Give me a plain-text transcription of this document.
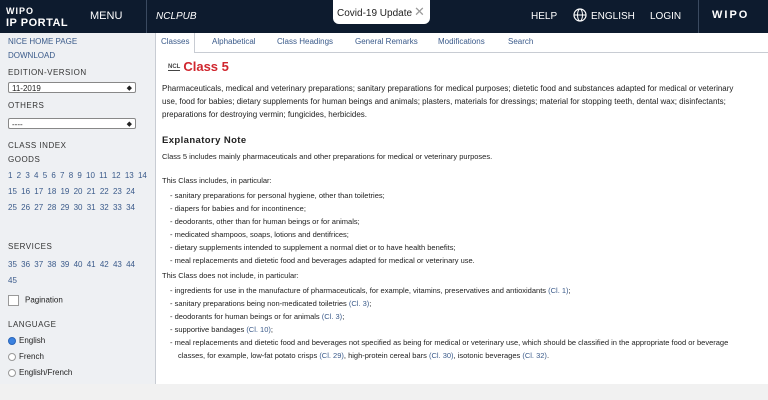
WIPO
IP PORTAL
MENU	NCLPUB	Covid-19 Update ✕	HELP	ENGLISH LOGIN	WIPO
NICE HOME PAGE
DOWNLOAD
EDITION-VERSION
11-2019	◆
OTHERS
----	◆
CLASS INDEX
GOODS
1 2 3 4 5 6 7 8 9 10 11 12 13 14 15 16 17 18 19 20 21 22 23 24 25 26 27 28 29 30 31 32 33 34
SERVICES
35 36 37 38 39 40 41 42 43 44 45
Pagination
LANGUAGE
English
French
English/French
Classes	Alphabetical	Class Headings	General Remarks	Modifications	Search
NCL Class 5
Pharmaceuticals, medical and veterinary preparations; sanitary preparations for medical purposes; dietetic food and substances adapted for medical or veterinary use, food for babies; dietary supplements for human beings and animals; plasters, materials for dressings; material for stopping teeth, dental wax; disinfectants; preparations for destroying vermin; fungicides, herbicides.
Explanatory Note
Class 5 includes mainly pharmaceuticals and other preparations for medical or veterinary purposes.
This Class includes, in particular:
- sanitary preparations for personal hygiene, other than toiletries;
- diapers for babies and for incontinence;
- deodorants, other than for human beings or for animals;
- medicated shampoos, soaps, lotions and dentifrices;
- dietary supplements intended to supplement a normal diet or to have health benefits;
- meal replacements and dietetic food and beverages adapted for medical or veterinary use.
This Class does not include, in particular:
- ingredients for use in the manufacture of pharmaceuticals, for example, vitamins, preservatives and antioxidants (Cl. 1);
- sanitary preparations being non-medicated toiletries (Cl. 3);
- deodorants for human beings or for animals (Cl. 3);
- supportive bandages (Cl. 10);
- meal replacements and dietetic food and beverages not specified as being for medical or veterinary use, which should be classified in the appropriate food or beverage classes, for example, low-fat potato crisps (Cl. 29), high-protein cereal bars (Cl. 30), isotonic beverages (Cl. 32).
